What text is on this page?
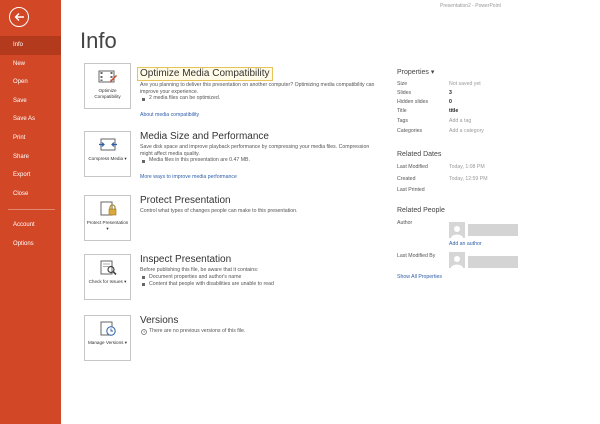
Info
New
Open
Save
Save As
Print
Share
Export
Close
Account
Options
Presentation2 - PowerPoint
Info
Optimize Compatibility
Optimize Media Compatibility
Are you planning to deliver this presentation on another computer? Optimizing media compatibility can improve your experience.
2 media files can be optimized.
About media compatibility
Compress Media ▾
Media Size and Performance
Save disk space and improve playback performance by compressing your media files. Compression might affect media quality.
Media files in this presentation are 0.47 MB.
More ways to improve media performance
Protect Presentation ▾
Protect Presentation
Control what types of changes people can make to this presentation.
Check for Issues ▾
Inspect Presentation
Before publishing this file, be aware that it contains:
Document properties and author's name
Content that people with disabilities are unable to read
Manage Versions ▾
Versions
There are no previous versions of this file.
Properties ▾
Size	Not saved yet
Slides	3
Hidden slides	0
Title	title
Tags	Add a tag
Categories	Add a category
Related Dates
Last Modified	Today, 1:08 PM
Created	Today, 12:59 PM
Last Printed
Related People
Author
Add an author
Last Modified By
Show All Properties
